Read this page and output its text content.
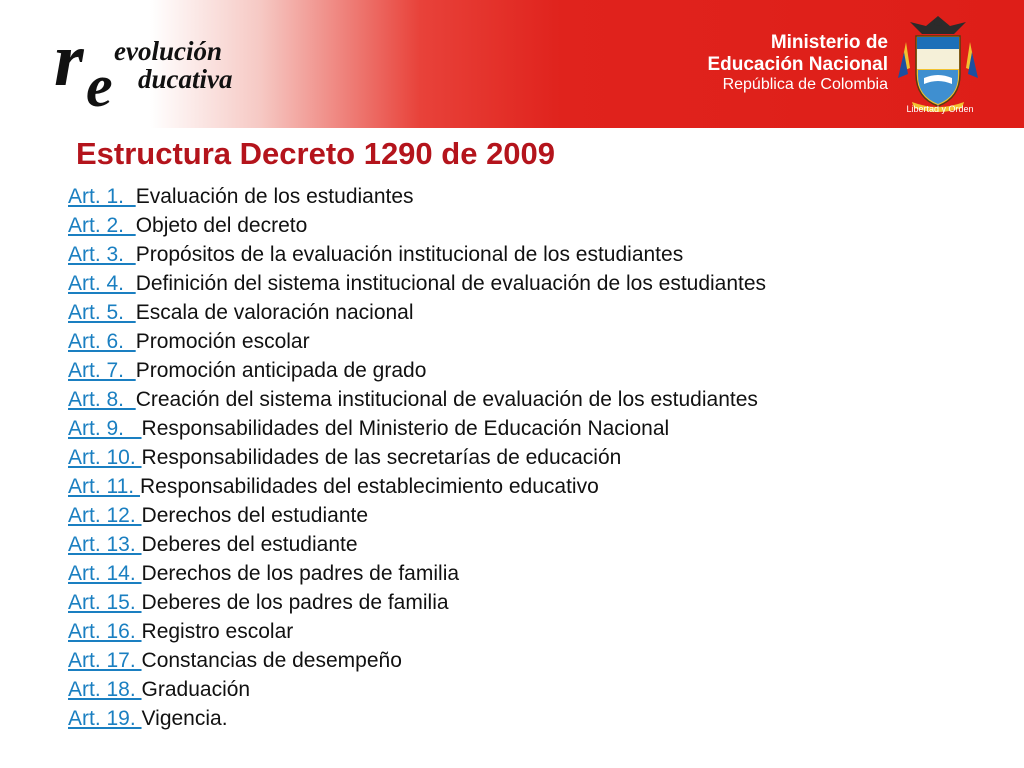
r e
evolución
ducativa
Ministerio de
Educación Nacional
República de Colombia
Libertad y Orden
Estructura Decreto 1290 de 2009
Art. 1.  Evaluación de los estudiantes
Art. 2.  Objeto del decreto
Art. 3.  Propósitos de la evaluación institucional de los estudiantes
Art. 4.  Definición del sistema institucional de evaluación de los estudiantes
Art. 5.  Escala de valoración nacional
Art. 6.  Promoción escolar
Art. 7.  Promoción anticipada de grado
Art. 8.  Creación del sistema institucional de evaluación de los estudiantes
Art. 9.   Responsabilidades del Ministerio de Educación Nacional
Art. 10. Responsabilidades de las secretarías de educación
Art. 11. Responsabilidades del establecimiento educativo
Art. 12. Derechos del estudiante
Art. 13. Deberes del estudiante
Art. 14. Derechos de los padres de familia
Art. 15. Deberes de los padres de familia
Art. 16. Registro escolar
Art. 17. Constancias de desempeño
Art. 18. Graduación
Art. 19. Vigencia.
